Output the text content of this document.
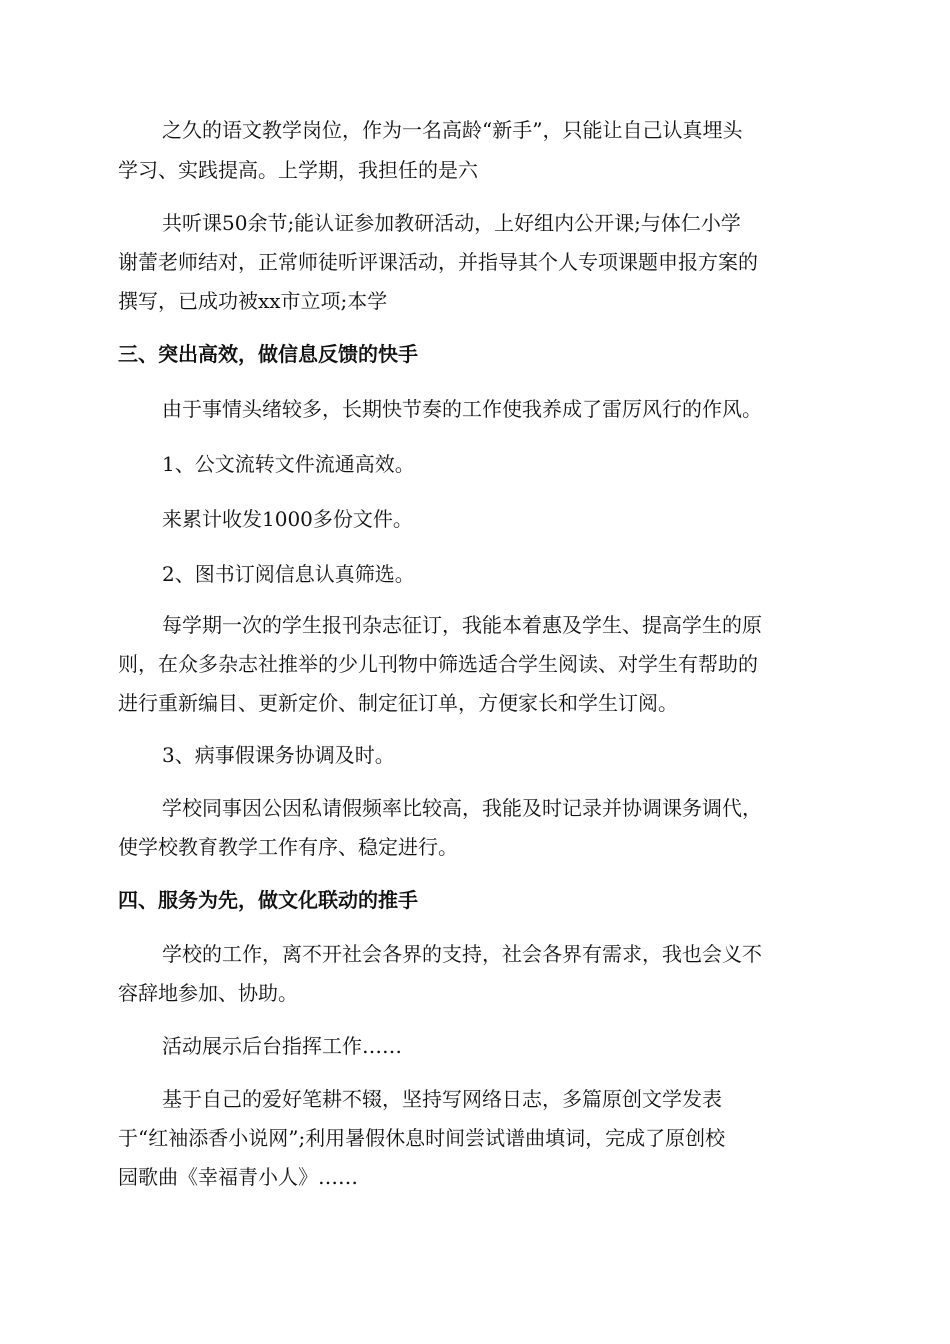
之久的语文教学岗位，作为一名高龄“新手”，只能让自己认真埋头
学习、实践提高。上学期，我担任的是六
共听课50余节;能认证参加教研活动，上好组内公开课;与体仁小学
谢蕾老师结对，正常师徒听评课活动，并指导其个人专项课题申报方案的
撰写，已成功被xx市立项;本学
三、突出高效，做信息反馈的快手
由于事情头绪较多，长期快节奏的工作使我养成了雷厉风行的作风。
1、公文流转文件流通高效。
来累计收发1000多份文件。
2、图书订阅信息认真筛选。
每学期一次的学生报刊杂志征订，我能本着惠及学生、提高学生的原
则，在众多杂志社推举的少儿刊物中筛选适合学生阅读、对学生有帮助的
进行重新编目、更新定价、制定征订单，方便家长和学生订阅。
3、病事假课务协调及时。
学校同事因公因私请假频率比较高，我能及时记录并协调课务调代，
使学校教育教学工作有序、稳定进行。
四、服务为先，做文化联动的推手
学校的工作，离不开社会各界的支持，社会各界有需求，我也会义不
容辞地参加、协助。
活动展示后台指挥工作……
基于自己的爱好笔耕不辍，坚持写网络日志，多篇原创文学发表
于“红袖添香小说网”;利用暑假休息时间尝试谱曲填词，完成了原创校
园歌曲《幸福青小人》……
